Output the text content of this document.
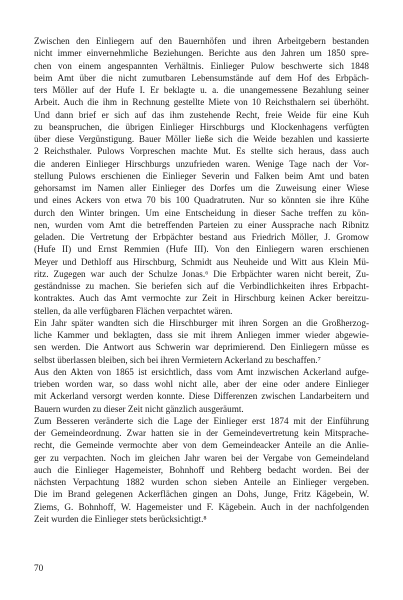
Zwischen den Einliegern auf den Bauernhöfen und ihren Arbeitgebern bestanden
nicht immer einvernehmliche Beziehungen. Berichte aus den Jahren um 1850 spre-
chen von einem angespannten Verhältnis. Einlieger Pulow beschwerte sich 1848
beim Amt über die nicht zumutbaren Lebensumstände auf dem Hof des Erbpäch-
ters Möller auf der Hufe I. Er beklagte u. a. die unangemessene Bezahlung seiner
Arbeit. Auch die ihm in Rechnung gestellte Miete von 10 Reichsthalern sei überhöht.
Und dann brief er sich auf das ihm zustehende Recht, freie Weide für eine Kuh
zu beanspruchen, die übrigen Einlieger Hirschburgs und Klockenhagens verfügten
über diese Vergünstigung. Bauer Möller ließe sich die Weide bezahlen und kassierte
2 Reichsthaler. Pulows Vorpreschen machte Mut. Es stellte sich heraus, dass auch
die anderen Einlieger Hirschburgs unzufrieden waren. Wenige Tage nach der Vor-
stellung Pulows erschienen die Einlieger Severin und Falken beim Amt und baten
gehorsamst im Namen aller Einlieger des Dorfes um die Zuweisung einer Wiese
und eines Ackers von etwa 70 bis 100 Quadratruten. Nur so könnten sie ihre Kühe
durch den Winter bringen. Um eine Entscheidung in dieser Sache treffen zu kön-
nen, wurden vom Amt die betreffenden Parteien zu einer Aussprache nach Ribnitz
geladen. Die Vertretung der Erbpächter bestand aus Friedrich Möller, J. Gromow
(Hufe II) und Ernst Remmien (Hufe III). Von den Einliegern waren erschienen
Meyer und Dethloff aus Hirschburg, Schmidt aus Neuheide und Witt aus Klein Mü-
ritz. Zugegen war auch der Schulze Jonas.⁶ Die Erbpächter waren nicht bereit, Zu-
geständnisse zu machen. Sie beriefen sich auf die Verbindlichkeiten ihres Erbpacht-
kontraktes. Auch das Amt vermochte zur Zeit in Hirschburg keinen Acker bereitzu-
stellen, da alle verfügbaren Flächen verpachtet wären.
Ein Jahr später wandten sich die Hirschburger mit ihren Sorgen an die Großherzog-
liche Kammer und beklagten, dass sie mit ihrem Anliegen immer wieder abgewie-
sen werden. Die Antwort aus Schwerin war deprimierend. Den Einliegern müsse es
selbst überlassen bleiben, sich bei ihren Vermietern Ackerland zu beschaffen.⁷
Aus den Akten von 1865 ist ersichtlich, dass vom Amt inzwischen Ackerland aufge-
trieben worden war, so dass wohl nicht alle, aber der eine oder andere Einlieger
mit Ackerland versorgt werden konnte. Diese Differenzen zwischen Landarbeitern und
Bauern wurden zu dieser Zeit nicht gänzlich ausgeräumt.
Zum Besseren veränderte sich die Lage der Einlieger erst 1874 mit der Einführung
der Gemeindeordnung. Zwar hatten sie in der Gemeindevertretung kein Mitsprache-
recht, die Gemeinde vermochte aber von dem Gemeindeacker Anteile an die Anlie-
ger zu verpachten. Noch im gleichen Jahr waren bei der Vergabe von Gemeindeland
auch die Einlieger Hagemeister, Bohnhoff und Rehberg bedacht worden. Bei der
nächsten Verpachtung 1882 wurden schon sieben Anteile an Einlieger vergeben.
Die im Brand gelegenen Ackerflächen gingen an Dohs, Junge, Fritz Kägebein, W.
Ziems, G. Bohnhoff, W. Hagemeister und F. Kägebein. Auch in der nachfolgenden
Zeit wurden die Einlieger stets berücksichtigt.⁸
70
